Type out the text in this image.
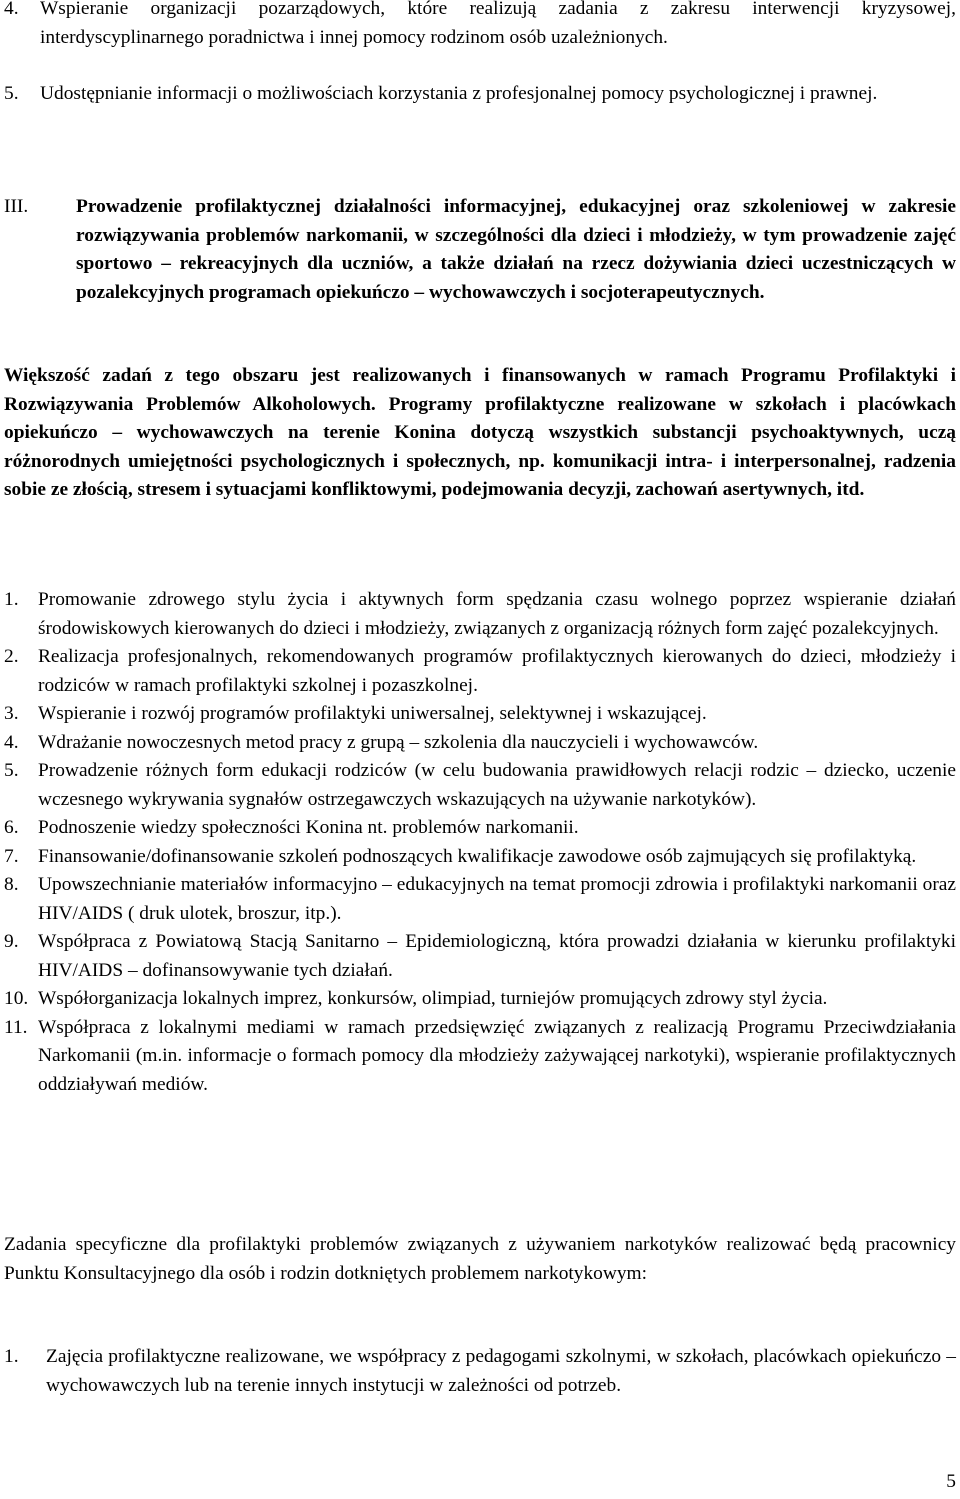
4.	Wspieranie organizacji pozarządowych, które realizują zadania z zakresu interwencji kryzysowej, interdyscyplinarnego poradnictwa i innej pomocy rodzinom osób uzależnionych.
5.	Udostępnianie informacji o możliwościach korzystania z profesjonalnej pomocy psychologicznej i prawnej.
III.	Prowadzenie profilaktycznej działalności informacyjnej, edukacyjnej oraz szkoleniowej w zakresie rozwiązywania problemów narkomanii, w szczególności dla dzieci i młodzieży, w tym prowadzenie zajęć sportowo – rekreacyjnych dla uczniów, a także działań na rzecz dożywiania dzieci uczestniczących w pozalekcyjnych programach opiekuńczo – wychowawczych i socjoterapeutycznych.

Większość zadań z tego obszaru jest realizowanych i finansowanych w ramach Programu Profilaktyki i Rozwiązywania Problemów Alkoholowych. Programy profilaktyczne realizowane w szkołach i placówkach opiekuńczo – wychowawczych na terenie Konina dotyczą wszystkich substancji psychoaktywnych, uczą różnorodnych umiejętności psychologicznych i społecznych, np. komunikacji intra- i interpersonalnej, radzenia sobie ze złością, stresem i sytuacjami konfliktowymi, podejmowania decyzji, zachowań asertywnych, itd.

1.	Promowanie zdrowego stylu życia i aktywnych form spędzania czasu wolnego poprzez wspieranie działań środowiskowych kierowanych do dzieci i młodzieży, związanych z organizacją różnych form zajęć pozalekcyjnych.
2.	Realizacja profesjonalnych, rekomendowanych programów profilaktycznych kierowanych do dzieci, młodzieży i rodziców w ramach profilaktyki szkolnej i pozaszkolnej.
3.	Wspieranie i rozwój programów profilaktyki uniwersalnej, selektywnej i wskazującej.
4.	Wdrażanie nowoczesnych metod pracy z grupą – szkolenia dla nauczycieli i wychowawców.
5.	Prowadzenie różnych form edukacji rodziców (w celu budowania prawidłowych relacji rodzic – dziecko, uczenie wczesnego wykrywania sygnałów ostrzegawczych wskazujących na używanie narkotyków).
6.	Podnoszenie wiedzy społeczności Konina nt. problemów narkomanii.
7.	Finansowanie/dofinansowanie szkoleń podnoszących kwalifikacje zawodowe osób zajmujących się profilaktyką.
8.	Upowszechnianie materiałów informacyjno – edukacyjnych na temat promocji zdrowia i profilaktyki narkomanii oraz HIV/AIDS ( druk ulotek, broszur, itp.).
9.	Współpraca z Powiatową Stacją Sanitarno – Epidemiologiczną, która prowadzi działania w kierunku profilaktyki HIV/AIDS – dofinansowywanie tych działań.
10. Współorganizacja lokalnych imprez, konkursów, olimpiad, turniejów promujących zdrowy styl życia.
11. Współpraca z lokalnymi mediami w ramach przedsięwzięć związanych z realizacją Programu Przeciwdziałania Narkomanii (m.in. informacje o formach pomocy dla młodzieży zażywającej narkotyki), wspieranie profilaktycznych oddziaływań mediów.

Zadania specyficzne dla profilaktyki problemów związanych z używaniem narkotyków realizować będą pracownicy Punktu Konsultacyjnego dla osób i rodzin dotkniętych problemem narkotykowym:

1.	Zajęcia profilaktyczne realizowane, we współpracy z pedagogami szkolnymi, w szkołach, placówkach opiekuńczo – wychowawczych lub na terenie innych instytucji w zależności od potrzeb.
5
